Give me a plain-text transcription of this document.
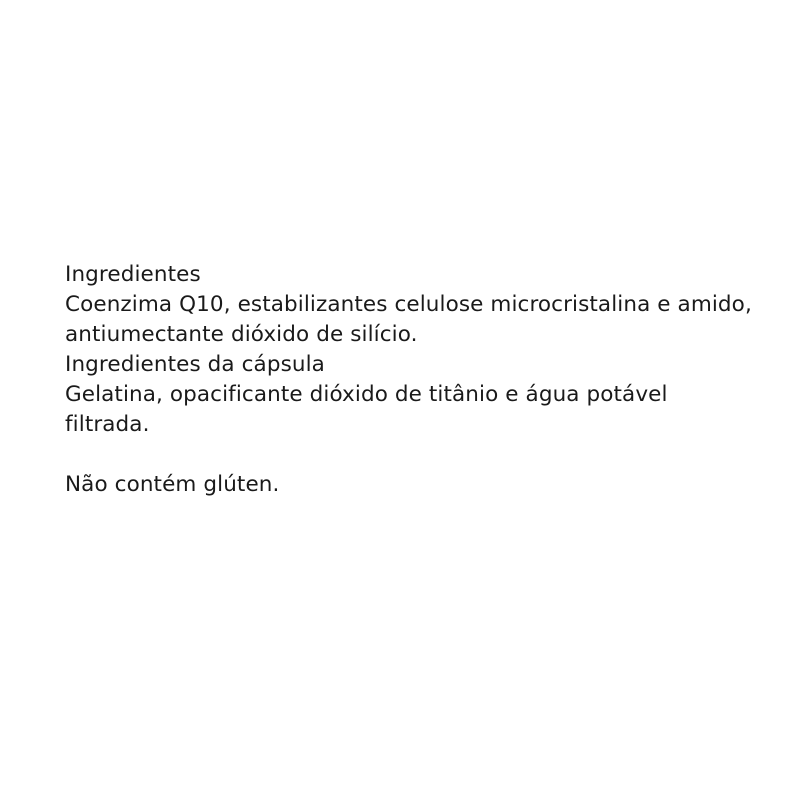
Ingredientes

Coenzima Q10, estabilizantes celulose microcristalina e amido, antiumectante dióxido de silício.

Ingredientes da cápsula

Gelatina, opacificante dióxido de titânio e água potável filtrada.

Não contém glúten.
